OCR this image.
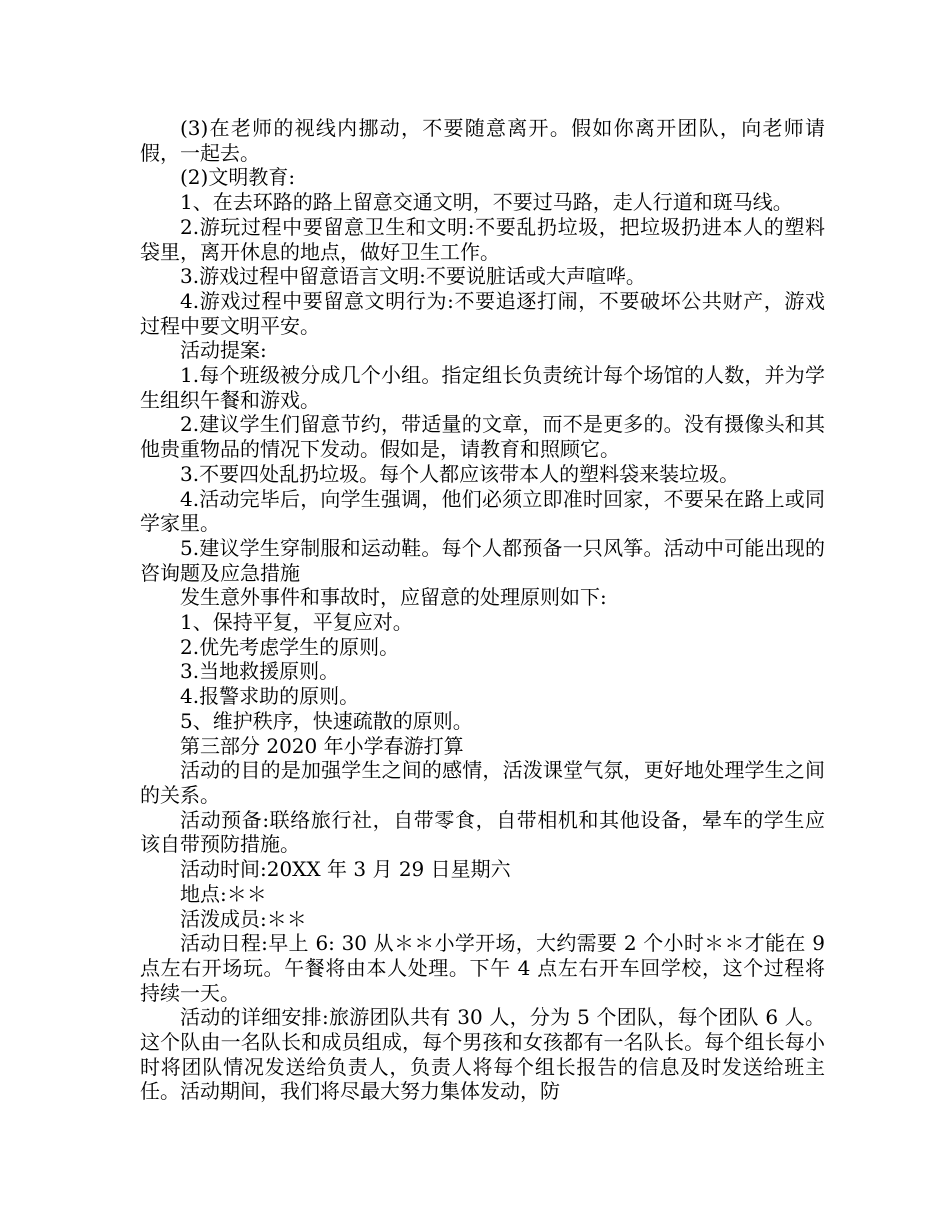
(3)在老师的视线内挪动，不要随意离开。假如你离开团队，向老师请假，一起去。

(2)文明教育:

1、在去环路的路上留意交通文明，不要过马路，走人行道和斑马线。

2.游玩过程中要留意卫生和文明:不要乱扔垃圾，把垃圾扔进本人的塑料袋里，离开休息的地点，做好卫生工作。

3.游戏过程中留意语言文明:不要说脏话或大声喧哗。

4.游戏过程中要留意文明行为:不要追逐打闹，不要破坏公共财产，游戏过程中要文明平安。

活动提案:

1.每个班级被分成几个小组。指定组长负责统计每个场馆的人数，并为学生组织午餐和游戏。

2.建议学生们留意节约，带适量的文章，而不是更多的。没有摄像头和其他贵重物品的情况下发动。假如是，请教育和照顾它。

3.不要四处乱扔垃圾。每个人都应该带本人的塑料袋来装垃圾。

4.活动完毕后，向学生强调，他们必须立即准时回家，不要呆在路上或同学家里。

5.建议学生穿制服和运动鞋。每个人都预备一只风筝。活动中可能出现的咨询题及应急措施

发生意外事件和事故时，应留意的处理原则如下:

1、保持平复，平复应对。

2.优先考虑学生的原则。

3.当地救援原则。

4.报警求助的原则。

5、维护秩序，快速疏散的原则。

第三部分 2020 年小学春游打算

活动的目的是加强学生之间的感情，活泼课堂气氛，更好地处理学生之间的关系。

活动预备:联络旅行社，自带零食，自带相机和其他设备，晕车的学生应该自带预防措施。

活动时间:20XX 年 3 月 29 日星期六

地点:＊＊

活泼成员:＊＊

活动日程:早上 6: 30 从＊＊小学开场，大约需要 2 个小时＊＊才能在 9 点左右开场玩。午餐将由本人处理。下午 4 点左右开车回学校，这个过程将持续一天。

活动的详细安排:旅游团队共有 30 人，分为 5 个团队，每个团队 6 人。这个队由一名队长和成员组成，每个男孩和女孩都有一名队长。每个组长每小时将团队情况发送给负责人，负责人将每个组长报告的信息及时发送给班主任。活动期间，我们将尽最大努力集体发动，防
